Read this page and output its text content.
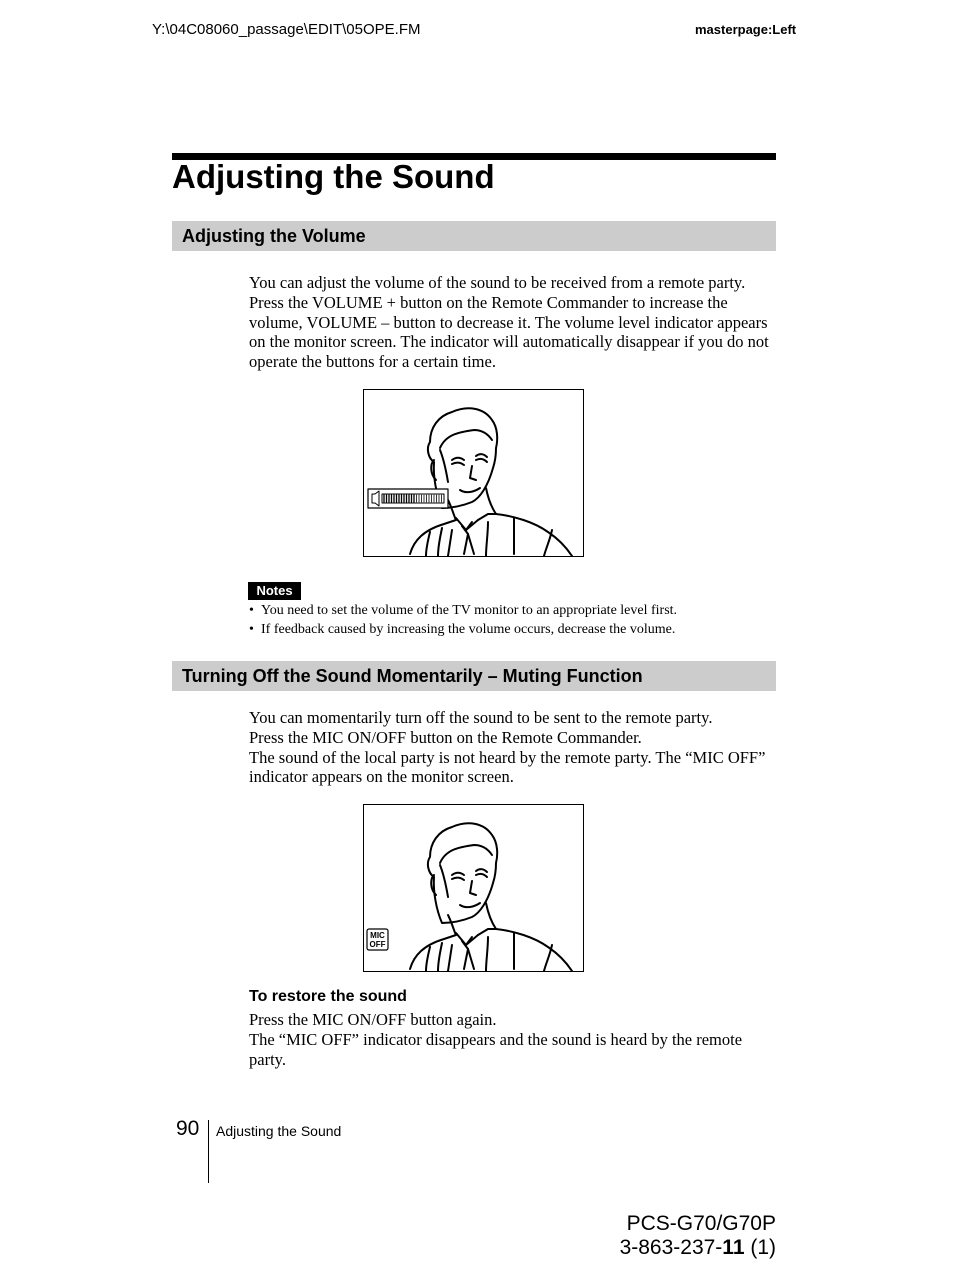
Y:\04C08060_passage\EDIT\05OPE.FM	masterpage:Left
Adjusting the Sound
Adjusting the Volume

You can adjust the volume of the sound to be received from a remote party.

Press the VOLUME + button on the Remote Commander to increase the volume, VOLUME – button to decrease it. The volume level indicator appears on the monitor screen. The indicator will automatically disappear if you do not operate the buttons for a certain time.

Notes
• You need to set the volume of the TV monitor to an appropriate level first.
• If feedback caused by increasing the volume occurs, decrease the volume.
Turning Off the Sound Momentarily – Muting Function

You can momentarily turn off the sound to be sent to the remote party.

Press the MIC ON/OFF button on the Remote Commander.

The sound of the local party is not heard by the remote party. The “MIC OFF” indicator appears on the monitor screen.

MIC
OFF
To restore the sound

Press the MIC ON/OFF button again.

The “MIC OFF” indicator disappears and the sound is heard by the remote party.

90 Adjusting the Sound
PCS-G70/G70P
3-863-237-11 (1)
